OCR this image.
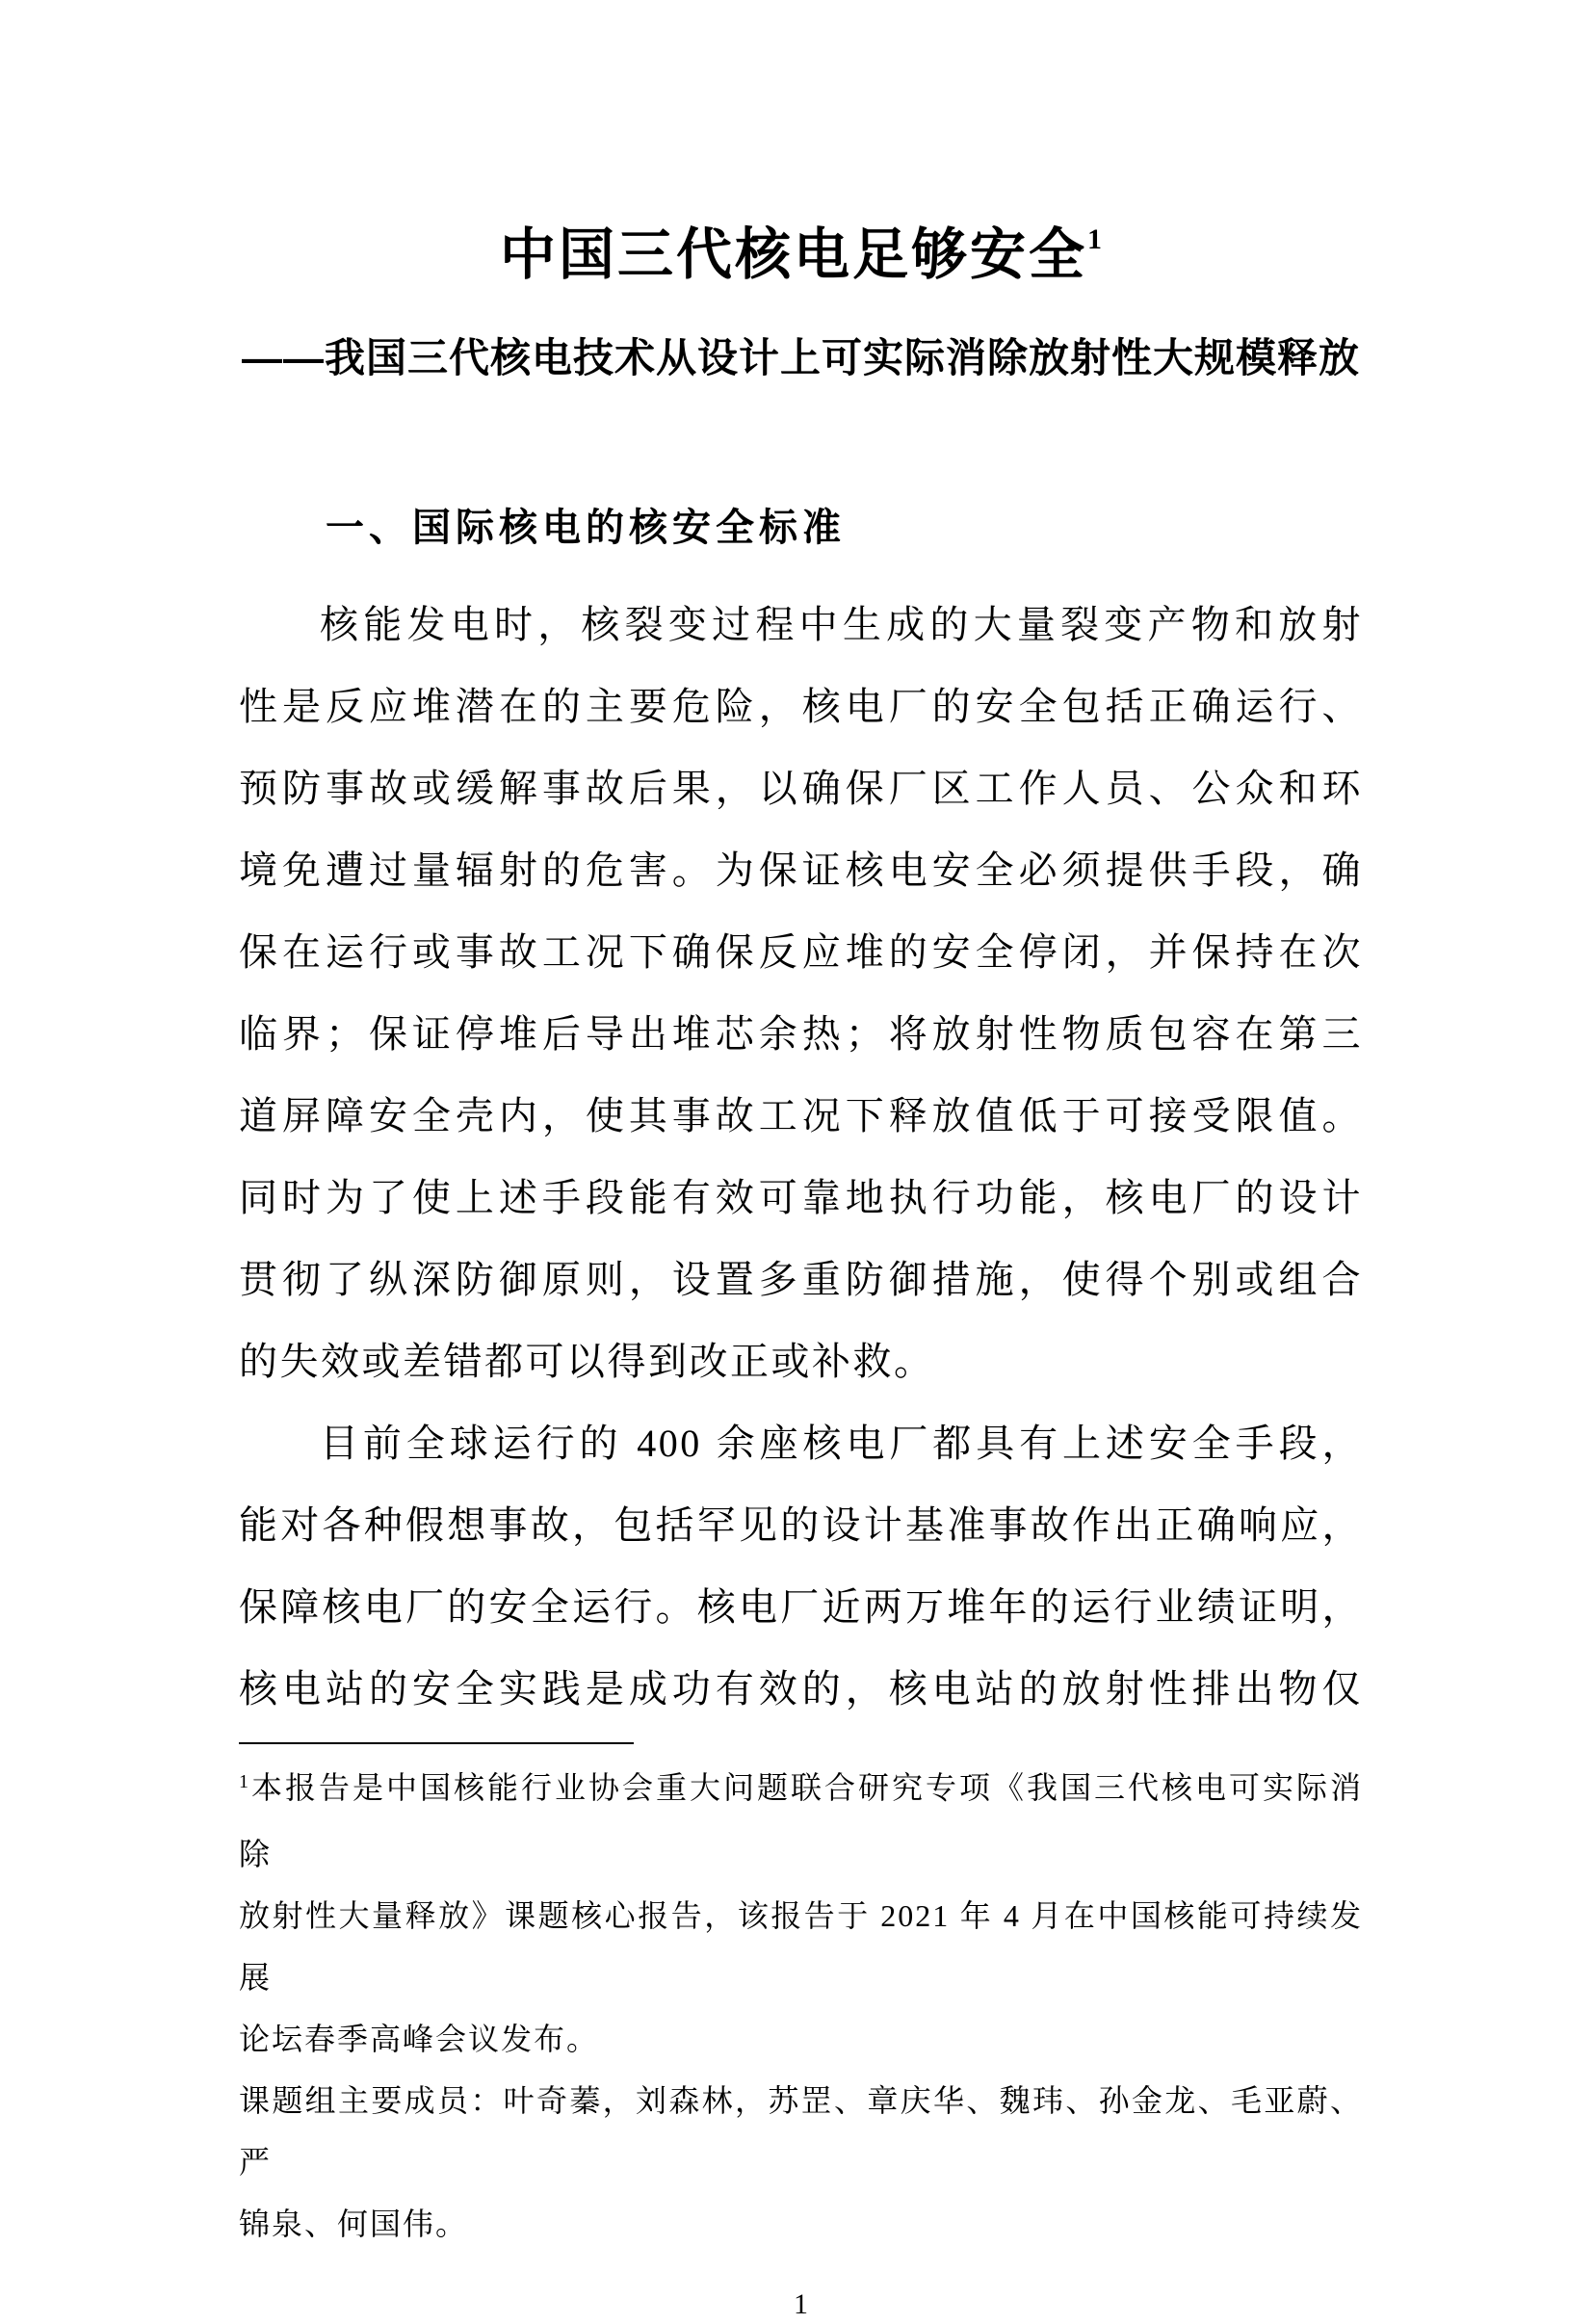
中国三代核电足够安全$^1$
——我国三代核电技术从设计上可实际消除放射性大规模释放
一、国际核电的核安全标准
核能发电时，核裂变过程中生成的大量裂变产物和放射
性是反应堆潜在的主要危险，核电厂的安全包括正确运行、
预防事故或缓解事故后果，以确保厂区工作人员、公众和环
境免遭过量辐射的危害。为保证核电安全必须提供手段，确
保在运行或事故工况下确保反应堆的安全停闭，并保持在次
临界；保证停堆后导出堆芯余热；将放射性物质包容在第三
道屏障安全壳内，使其事故工况下释放值低于可接受限值。
同时为了使上述手段能有效可靠地执行功能，核电厂的设计
贯彻了纵深防御原则，设置多重防御措施，使得个别或组合
的失效或差错都可以得到改正或补救。
目前全球运行的 400 余座核电厂都具有上述安全手段，
能对各种假想事故，包括罕见的设计基准事故作出正确响应，
保障核电厂的安全运行。核电厂近两万堆年的运行业绩证明，
核电站的安全实践是成功有效的，核电站的放射性排出物仅
$^1$本报告是中国核能行业协会重大问题联合研究专项《我国三代核电可实际消除
放射性大量释放》课题核心报告，该报告于 2021 年 4 月在中国核能可持续发展
论坛春季高峰会议发布。
课题组主要成员：叶奇蓁，刘森林，苏罡、章庆华、魏玮、孙金龙、毛亚蔚、严
锦泉、何国伟。
1
